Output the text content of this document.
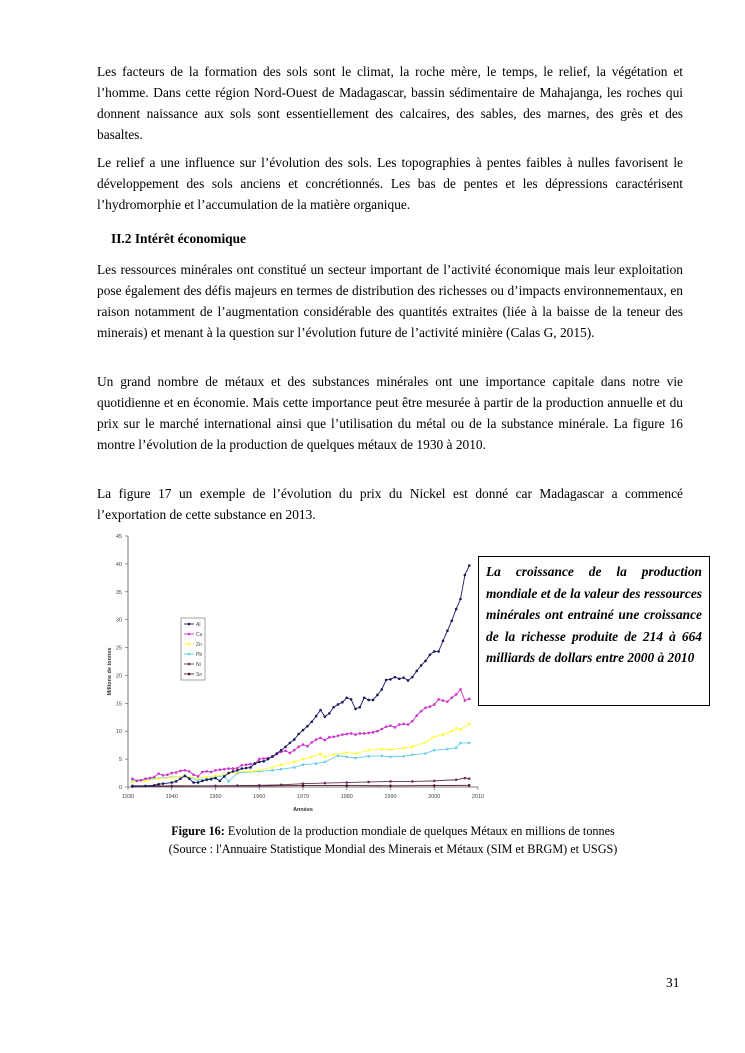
Les facteurs de la formation des sols sont le climat, la roche mère, le temps, le relief, la végétation et l’homme. Dans cette région Nord-Ouest de Madagascar, bassin sédimentaire de Mahajanga, les roches qui donnent naissance aux sols sont essentiellement des calcaires, des sables, des marnes, des grès et des basaltes.

Le relief a une influence sur l’évolution des sols. Les topographies à pentes faibles à nulles favorisent le développement des sols anciens et concrétionnés. Les bas de pentes et les dépressions caractérisent l’hydromorphie et l’accumulation de la matière organique.

II.2 Intérêt économique

Les ressources minérales ont constitué un secteur important de l’activité économique mais leur exploitation pose également des défis majeurs en termes de distribution des richesses ou d’impacts environnementaux, en raison notamment de l’augmentation considérable des quantités extraites (liée à la baisse de la teneur des minerais) et menant à la question sur l’évolution future de l’activité minière (Calas G, 2015).

Un grand nombre de métaux et des substances minérales ont une importance capitale dans notre vie quotidienne et en économie. Mais cette importance peut être mesurée à partir de la production annuelle et du prix sur le marché international ainsi que l’utilisation du métal ou de la substance minérale. La figure 16 montre l’évolution de la production de quelques métaux de 1930 à 2010.

La figure 17 un exemple de l’évolution du prix du Nickel est donné car Madagascar a commencé l’exportation de cette substance en 2013.

0
5
10
15
20
25
30
35
40
45
1930	1940	1950	1960	1970	1980	1990	2000	2010
Années
Millions de tonnes
Al
Cu
Zn
Pb
Ni
Sn
La croissance de la production mondiale et de la valeur des ressources minérales ont entrainé une croissance de la richesse produite de 214 à 664 milliards de dollars entre 2000 à 2010
Figure 16: Evolution de la production mondiale de quelques Métaux en millions de tonnes
(Source : l'Annuaire Statistique Mondial des Minerais et Métaux (SIM et BRGM) et USGS)
31
